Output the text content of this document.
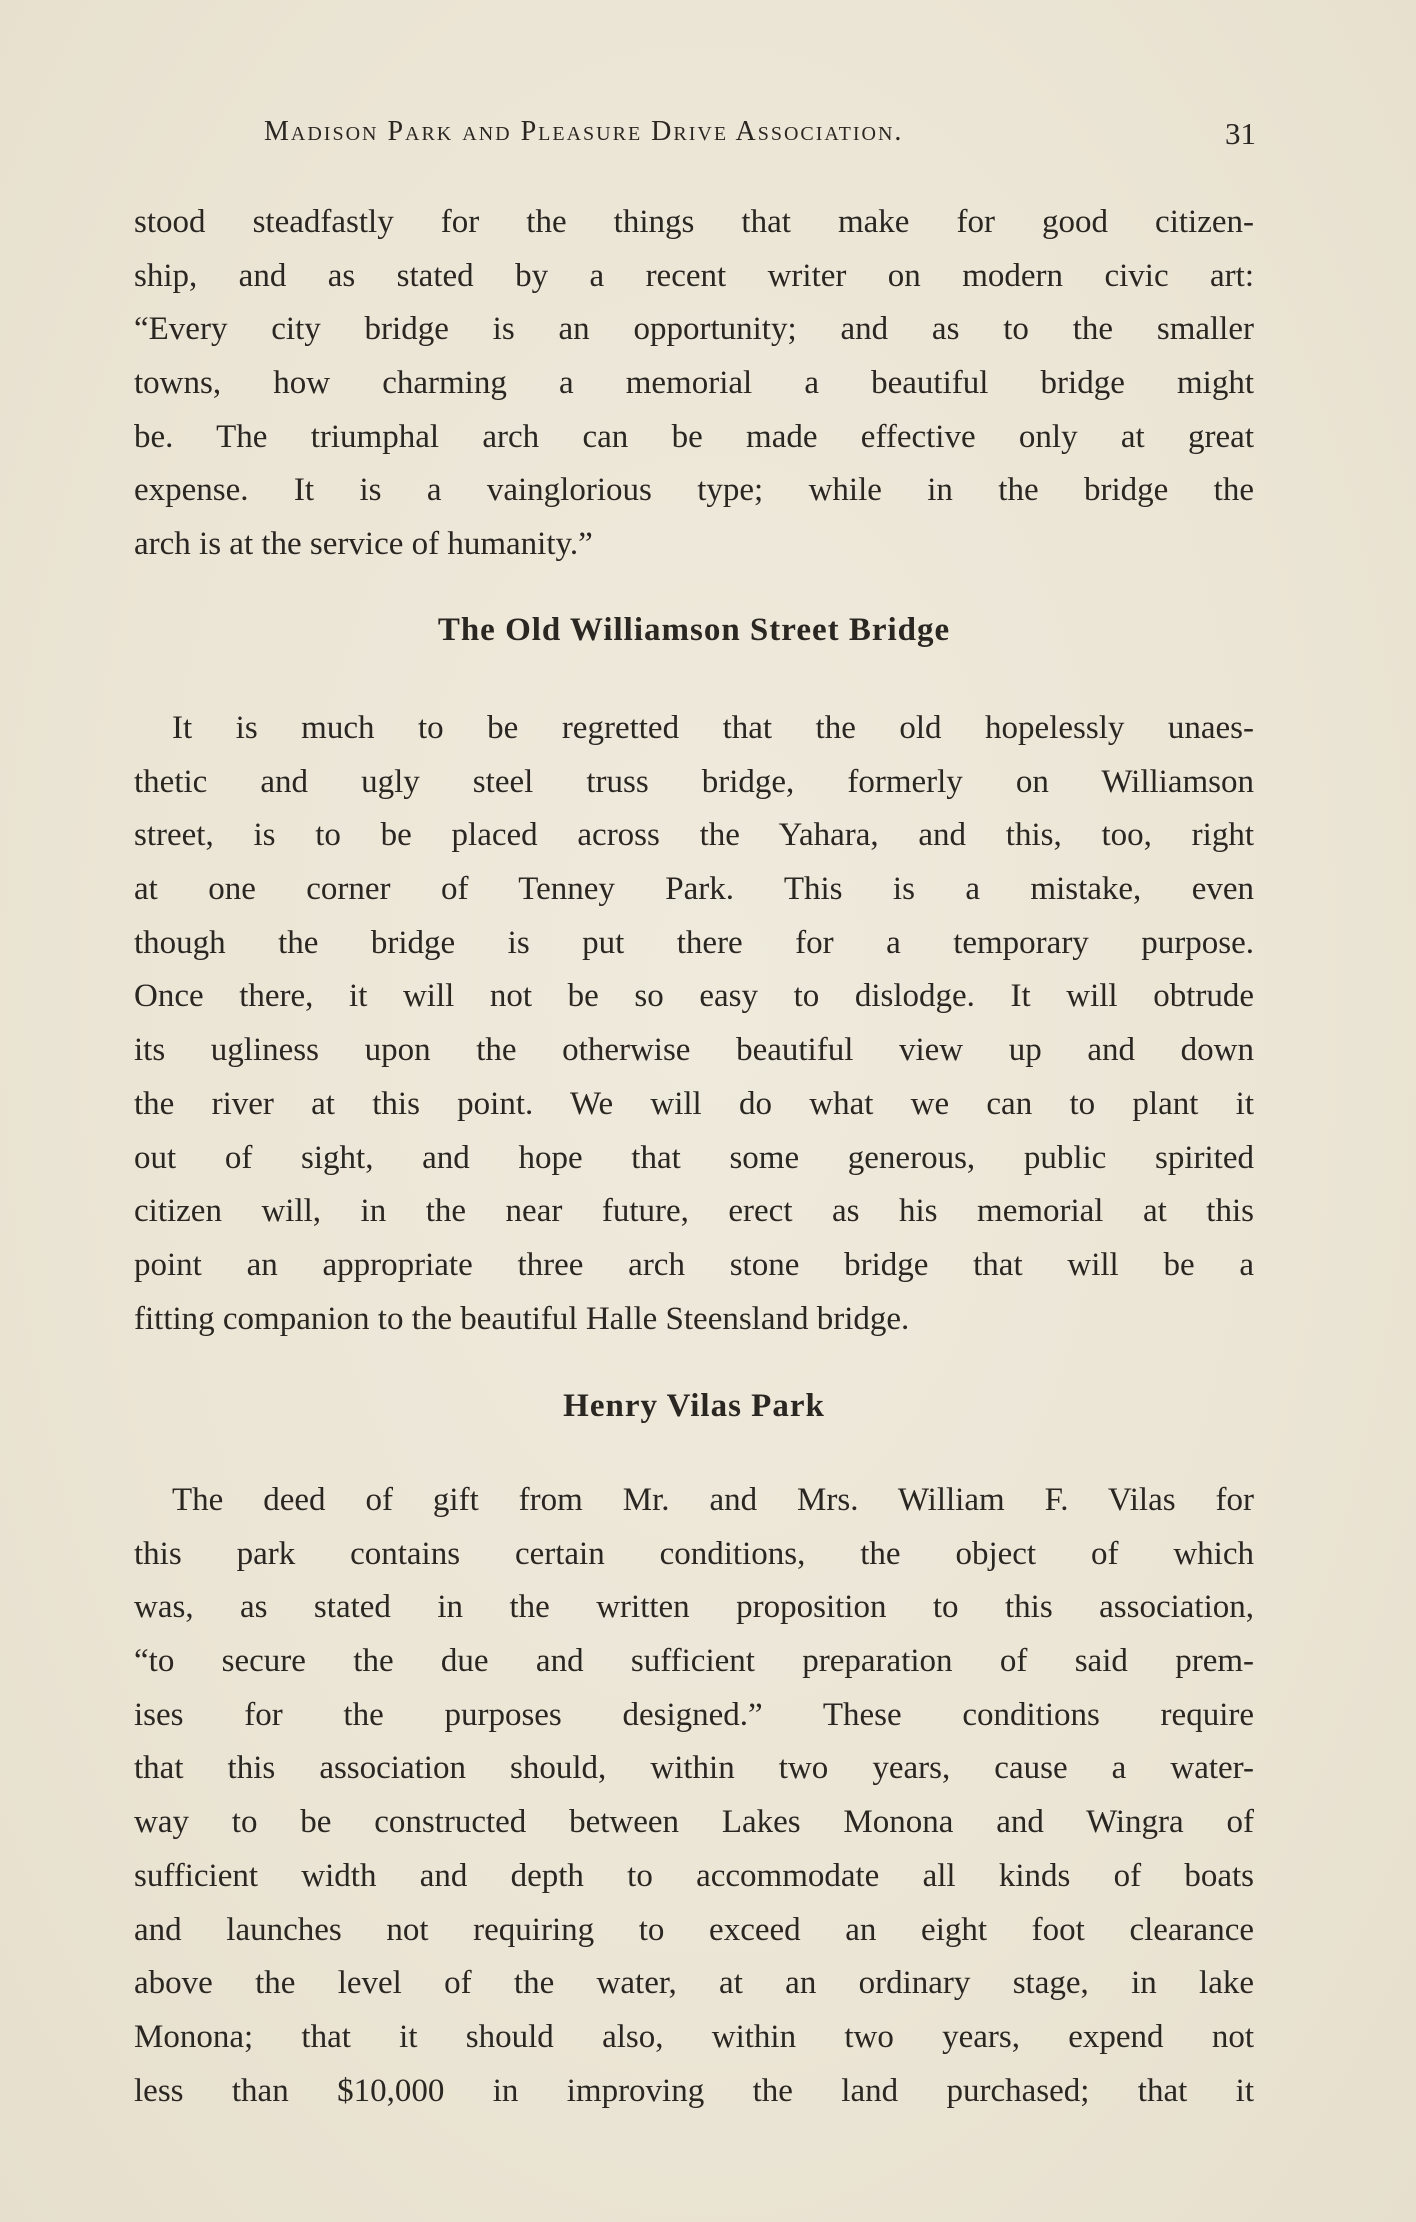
Madison Park and Pleasure Drive Association.	31
stood steadfastly for the things that make for good citizen-
ship, and as stated by a recent writer on modern civic art:
“Every city bridge is an opportunity; and as to the smaller
towns, how charming a memorial a beautiful bridge might
be. The triumphal arch can be made effective only at great
expense. It is a vainglorious type; while in the bridge the
arch is at the service of humanity.”
The Old Williamson Street Bridge
It is much to be regretted that the old hopelessly unaes-
thetic and ugly steel truss bridge, formerly on Williamson
street, is to be placed across the Yahara, and this, too, right
at one corner of Tenney Park. This is a mistake, even
though the bridge is put there for a temporary purpose.
Once there, it will not be so easy to dislodge. It will obtrude
its ugliness upon the otherwise beautiful view up and down
the river at this point. We will do what we can to plant it
out of sight, and hope that some generous, public spirited
citizen will, in the near future, erect as his memorial at this
point an appropriate three arch stone bridge that will be a
fitting companion to the beautiful Halle Steensland bridge.
Henry Vilas Park
The deed of gift from Mr. and Mrs. William F. Vilas for
this park contains certain conditions, the object of which
was, as stated in the written proposition to this association,
“to secure the due and sufficient preparation of said prem-
ises for the purposes designed.” These conditions require
that this association should, within two years, cause a water-
way to be constructed between Lakes Monona and Wingra of
sufficient width and depth to accommodate all kinds of boats
and launches not requiring to exceed an eight foot clearance
above the level of the water, at an ordinary stage, in lake
Monona; that it should also, within two years, expend not
less than $10,000 in improving the land purchased; that it
